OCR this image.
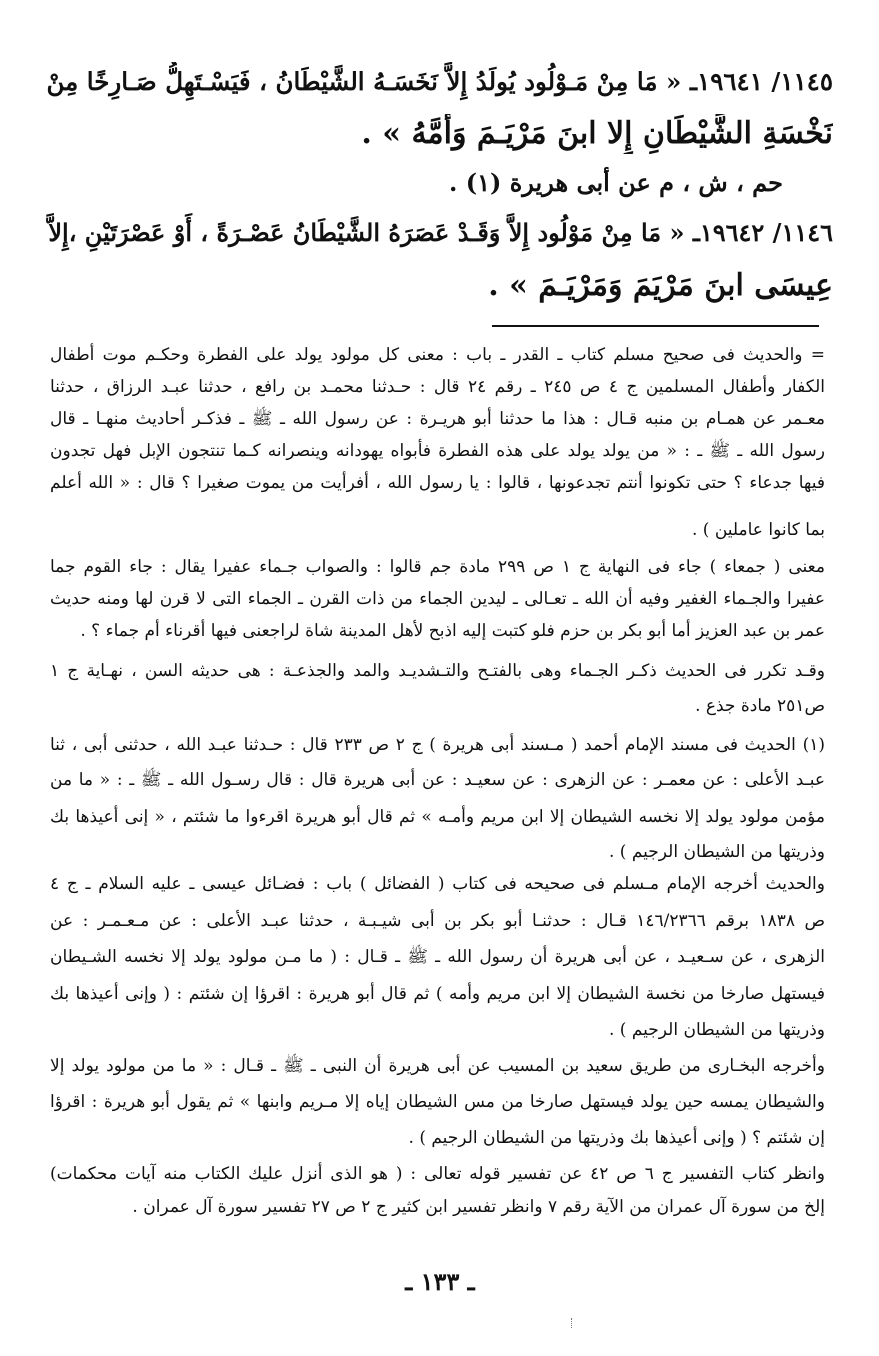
١١٤٥/ ١٩٦٤١ـ « مَا مِنْ مَـوْلُود يُولَدُ إِلاَّ نَخَسَـهُ الشَّيْطَانُ ، فَيَسْـتَهِلُّ صَـارِخًا مِنْ
نَخْسَةِ الشَّيْطَانِ إِلا ابنَ مَرْيَـمَ وَأُمَّهُ » .
حم ، ش ، م عن أبى هريرة (١) .
١١٤٦/ ١٩٦٤٢ـ « مَا مِنْ مَوْلُود إِلاَّ وَقَـدْ عَصَرَهُ الشَّيْطَانُ عَصْـرَةً ، أَوْ عَصْرَتَيْنِ ،إِلاَّ
عِيسَى ابنَ مَرْيَمَ وَمَرْيَـمَ » .
= والحديث فى صحيح مسلم كتاب ـ القدر ـ باب : معنى كل مولود يولد على الفطرة وحكـم موت أطفال
الكفار وأطفال المسلمين ج ٤ ص ٢٤٥ ـ رقم ٢٤ قال : حـدثنا محمـد بن رافع ، حدثنا عبـد الرزاق ، حدثنا
معـمر عن همـام بن منبه قـال : هذا ما حدثنا أبو هريـرة : عن رسول الله ـ ﷺ ـ فذكـر أحاديث منهـا ـ قال
رسول الله ـ ﷺ ـ : « من يولد يولد على هذه الفطرة فأبواه يهودانه وينصرانه كـما تنتجون الإبل فهل تجدون
فيها جدعاء ؟ حتى تكونوا أنتم تجدعونها ، قالوا : يا رسول الله ، أفرأيت من يموت صغيرا ؟ قال : « الله أعلم
بما كانوا عاملين ) .
معنى ( جمعاء ) جاء فى النهاية ج ١ ص ٢٩٩ مادة جم قالوا : والصواب جـماء عفيرا يقال : جاء القوم جما
عفيرا والجـماء الغفير وفيه أن الله ـ تعـالى ـ ليدين الجماء من ذات القرن ـ الجماء التى لا قرن لها ومنه حديث
عمر بن عبد العزيز أما أبو بكر بن حزم فلو كتبت إليه اذبح لأهل المدينة شاة لراجعنى فيها أقرناء أم جماء ؟ .
وقـد تكرر فى الحديث ذكـر الجـماء وهى بالفتـح والتـشديـد والمد والجذعـة : هى حديثه السن ، نهـاية ج ١
ص٢٥١ مادة جذع .
(١) الحديث فى مسند الإمام أحمد ( مـسند أبى هريرة ) ج ٢ ص ٢٣٣ قال : حـدثنا عبـد الله ، حدثنى أبى ، ثنا
عبـد الأعلى : عن معمـر : عن الزهرى : عن سعيـد : عن أبى هريرة قال : قال رسـول الله ـ ﷺ ـ : « ما من
مؤمن مولود يولد إلا نخسه الشيطان إلا ابن مريم وأمـه » ثم قال أبو هريرة اقرءوا ما شئتم ، « إنى أعيذها بك
وذريتها من الشيطان الرجيم ) .
والحديث أخرجه الإمام مـسلم فى صحيحه فى كتاب ( الفضائل ) باب : فضـائل عيسى ـ عليه السلام ـ ج ٤
ص ١٨٣٨ برقم ١٤٦/٢٣٦٦ قـال : حدثنـا أبو بكر بن أبى شيـبـة ، حدثنا عبـد الأعلى : عن مـعـمـر : عن
الزهرى ، عن سـعيـد ، عن أبى هريرة أن رسول الله ـ ﷺ ـ قـال : ( ما مـن مولود يولد إلا نخسه الشـيطان
فيستهل صارخا من نخسة الشيطان إلا ابن مريم وأمه ) ثم قال أبو هريرة : اقرؤا إن شئتم : ( وإنى أعيذها بك
وذريتها من الشيطان الرجيم ) .
وأخرجه البخـارى من طريق سعيد بن المسيب عن أبى هريرة أن النبى ـ ﷺ ـ قـال : « ما من مولود يولد إلا
والشيطان يمسه حين يولد فيستهل صارخا من مس الشيطان إياه إلا مـريم وابنها » ثم يقول أبو هريرة : اقرؤا
إن شئتم ؟ ( وإنى أعيذها بك وذريتها من الشيطان الرجيم ) .
وانظر كتاب التفسير ج ٦ ص ٤٢ عن تفسير قوله تعالى : ( هو الذى أنزل عليك الكتاب منه آيات محكمات)
إلخ من سورة آل عمران من الآية رقم ٧ وانظر تفسير ابن كثير ج ٢ ص ٢٧ تفسير سورة آل عمران .
ـ ١٣٣ ـ
